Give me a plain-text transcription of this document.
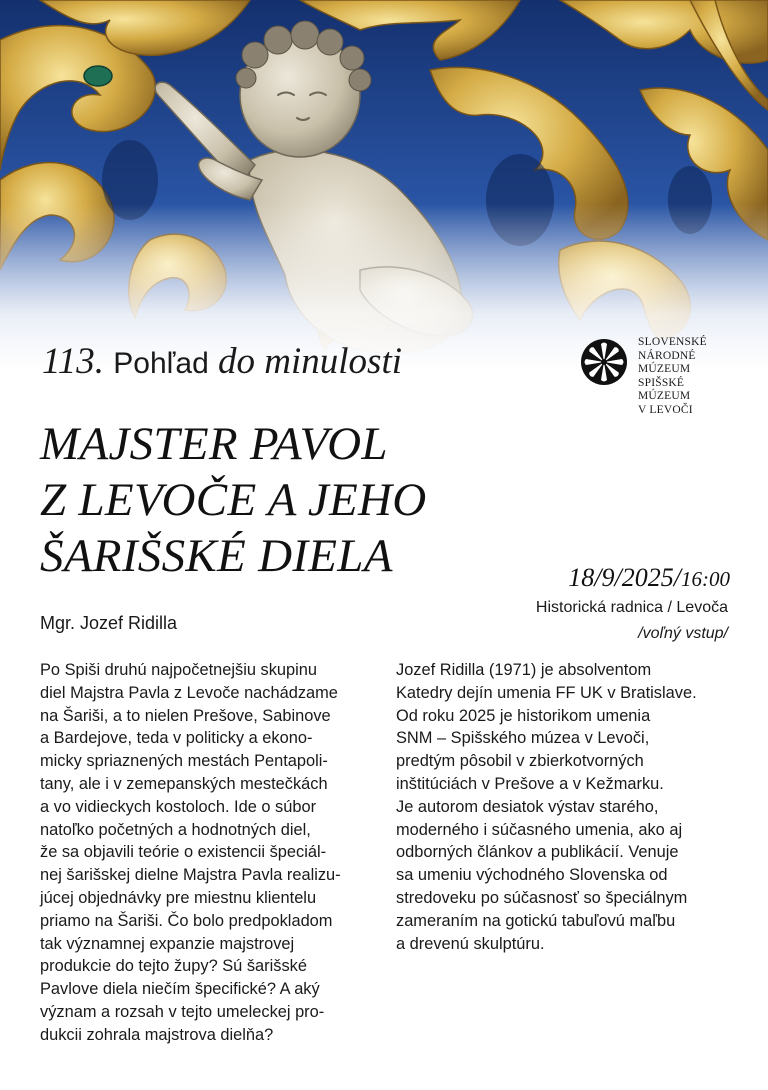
113. Pohľad do minulosti	SLOVENSKÉ
NÁRODNÉ
MÚZEUM
SPIŠSKÉ
MÚZEUM
V LEVOČI
MAJSTER PAVOL
Z LEVOČE A JEHO
ŠARIŠSKÉ DIELA	18/9/2025/16:00
Historická radnica / Levoča
/voľný vstup/
Mgr. Jozef Ridilla
Po Spiši druhú najpočetnejšiu skupinu
diel Majstra Pavla z Levoče nachádzame
na Šariši, a to nielen Prešove, Sabinove
a Bardejove, teda v politicky a ekono-
micky spriaznených mestách Pentapoli-
tany, ale i v zemepanských mestečkách
a vo vidieckych kostoloch. Ide o súbor
natoľko početných a hodnotných diel,
že sa objavili teórie o existencii špeciál-
nej šarišskej dielne Majstra Pavla realizu-
júcej objednávky pre miestnu klientelu
priamo na Šariši. Čo bolo predpokladom
tak významnej expanzie majstrovej
produkcie do tejto župy? Sú šarišské
Pavlove diela niečím špecifické? A aký
význam a rozsah v tejto umeleckej pro-
dukcii zohrala majstrova dielňa?
Jozef Ridilla (1971) je absolventom
Katedry dejín umenia FF UK v Bratislave.
Od roku 2025 je historikom umenia
SNM – Spišského múzea v Levoči,
predtým pôsobil v zbierkotvorných
inštitúciách v Prešove a v Kežmarku.
Je autorom desiatok výstav starého,
moderného i súčasného umenia, ako aj
odborných článkov a publikácií. Venuje
sa umeniu východného Slovenska od
stredoveku po súčasnosť so špeciálnym
zameraním na gotickú tabuľovú maľbu
a drevenú skulptúru.
